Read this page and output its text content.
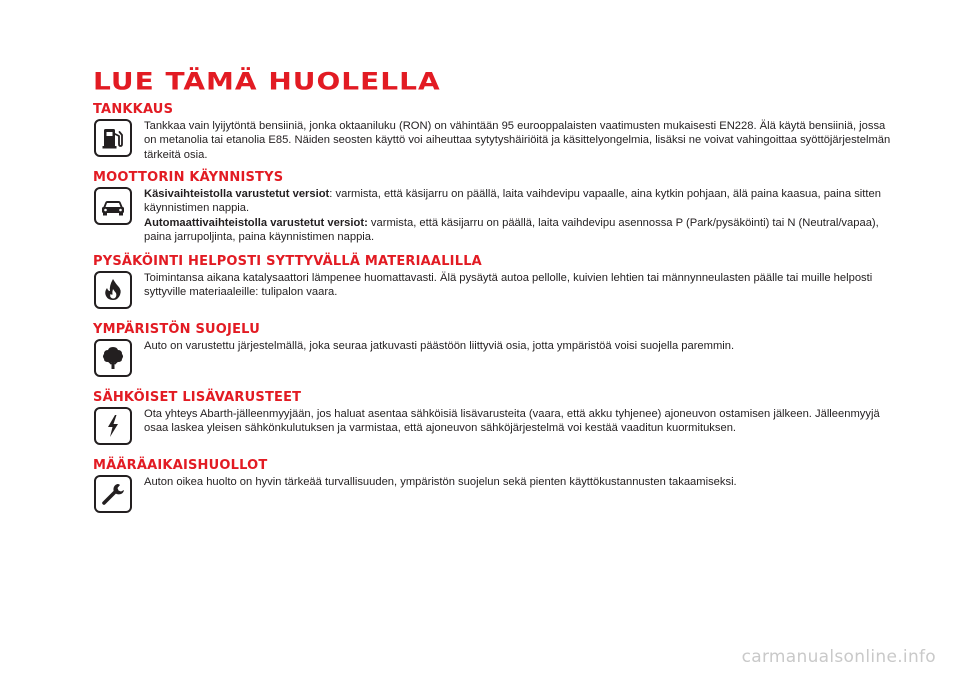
LUE TÄMÄ HUOLELLA
TANKKAUS

Tankkaa vain lyijytöntä bensiiniä, jonka oktaaniluku (RON) on vähintään 95 eurooppalaisten vaatimusten mukaisesti EN228. Älä käytä bensiiniä, jossa on metanolia tai etanolia E85. Näiden seosten käyttö voi aiheuttaa sytytyshäiriöitä ja käsittelyongelmia, lisäksi ne voivat vahingoittaa syöttöjärjestelmän tärkeitä osia.

MOOTTORIN KÄYNNISTYS

Käsivaihteistolla varustetut versiot: varmista, että käsijarru on päällä, laita vaihdevipu vapaalle, aina kytkin pohjaan, älä paina kaasua, paina sitten käynnistimen nappia.

Automaattivaihteistolla varustetut versiot: varmista, että käsijarru on päällä, laita vaihdevipu asennossa P (Park/pysäköinti) tai N (Neutral/vapaa), paina jarrupoljinta, paina käynnistimen nappia.

PYSÄKÖINTI HELPOSTI SYTTYVÄLLÄ MATERIAALILLA

Toimintansa aikana katalysaattori lämpenee huomattavasti. Älä pysäytä autoa pellolle, kuivien lehtien tai männynneulasten päälle tai muille helposti syttyville materiaaleille: tulipalon vaara.

YMPÄRISTÖN SUOJELU

Auto on varustettu järjestelmällä, joka seuraa jatkuvasti päästöön liittyviä osia, jotta ympäristöä voisi suojella paremmin.

SÄHKÖISET LISÄVARUSTEET

Ota yhteys Abarth-jälleenmyyjään, jos haluat asentaa sähköisiä lisävarusteita (vaara, että akku tyhjenee) ajoneuvon ostamisen jälkeen. Jälleenmyyjä osaa laskea yleisen sähkönkulutuksen ja varmistaa, että ajoneuvon sähköjärjestelmä voi kestää vaaditun kuormituksen.

MÄÄRÄAIKAISHUOLLOT

Auton oikea huolto on hyvin tärkeää turvallisuuden, ympäristön suojelun sekä pienten käyttökustannusten takaamiseksi.

carmanualsonline.info
